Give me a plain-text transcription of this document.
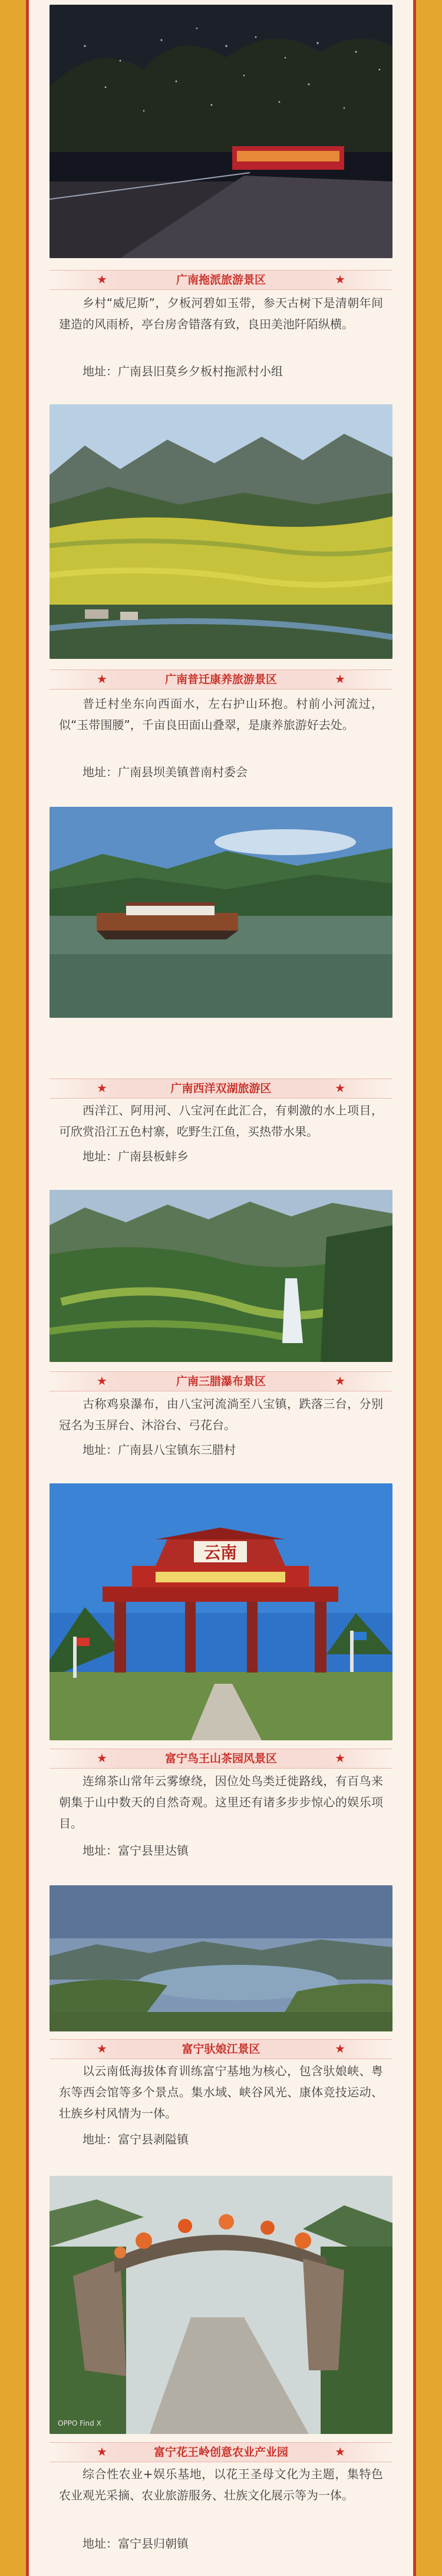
★	广南拖派旅游景区	★

乡村“威尼斯”，夕板河碧如玉带，参天古树下是清朝年间建造的风雨桥，亭台房舍错落有致，良田美池阡陌纵横。

地址：广南县旧莫乡夕板村拖派村小组

★	广南普迁康养旅游景区	★

普迁村坐东向西面水，左右护山环抱。村前小河流过，似“玉带围腰”，千亩良田面山叠翠，是康养旅游好去处。

地址：广南县坝美镇普南村委会

★	广南西洋双湖旅游区	★

西洋江、阿用河、八宝河在此汇合，有刺激的水上项目，可欣赏沿江五色村寨，吃野生江鱼，买热带水果。

地址：广南县板蚌乡

★	广南三腊瀑布景区	★

古称鸡泉瀑布，由八宝河流淌至八宝镇，跌落三台，分别冠名为玉屏台、沐浴台、弓花台。

地址：广南县八宝镇东三腊村

云南
★	富宁鸟王山茶园风景区	★

连绵茶山常年云雾缭绕，因位处鸟类迁徙路线，有百鸟来朝集于山中数天的自然奇观。这里还有诸多步步惊心的娱乐项目。

地址：富宁县里达镇

★	富宁驮娘江景区	★

以云南低海拔体育训练富宁基地为核心，包含驮娘峡、粤东等西会馆等多个景点。集水域、峡谷风光、康体竞技运动、壮族乡村风情为一体。

地址：富宁县剥隘镇

OPPO Find X
★	富宁花王岭创意农业产业园	★

综合性农业+娱乐基地，以花王圣母文化为主题，集特色农业观光采摘、农业旅游服务、壮族文化展示等为一体。

地址：富宁县归朝镇
